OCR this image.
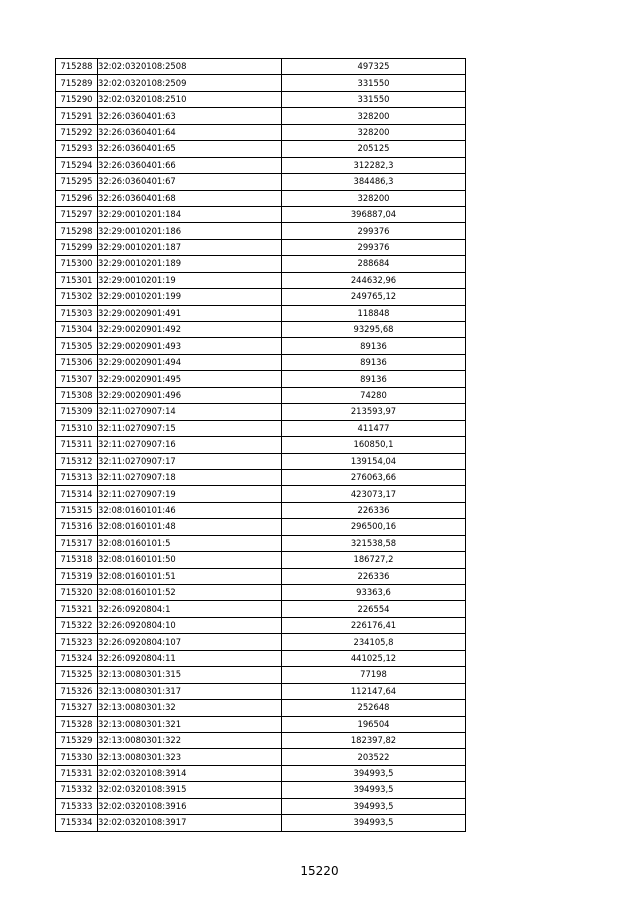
715288	32:02:0320108:2508	497325
715289	32:02:0320108:2509	331550
715290	32:02:0320108:2510	331550
715291	32:26:0360401:63	328200
715292	32:26:0360401:64	328200
715293	32:26:0360401:65	205125
715294	32:26:0360401:66	312282,3
715295	32:26:0360401:67	384486,3
715296	32:26:0360401:68	328200
715297	32:29:0010201:184	396887,04
715298	32:29:0010201:186	299376
715299	32:29:0010201:187	299376
715300	32:29:0010201:189	288684
715301	32:29:0010201:19	244632,96
715302	32:29:0010201:199	249765,12
715303	32:29:0020901:491	118848
715304	32:29:0020901:492	93295,68
715305	32:29:0020901:493	89136
715306	32:29:0020901:494	89136
715307	32:29:0020901:495	89136
715308	32:29:0020901:496	74280
715309	32:11:0270907:14	213593,97
715310	32:11:0270907:15	411477
715311	32:11:0270907:16	160850,1
715312	32:11:0270907:17	139154,04
715313	32:11:0270907:18	276063,66
715314	32:11:0270907:19	423073,17
715315	32:08:0160101:46	226336
715316	32:08:0160101:48	296500,16
715317	32:08:0160101:5	321538,58
715318	32:08:0160101:50	186727,2
715319	32:08:0160101:51	226336
715320	32:08:0160101:52	93363,6
715321	32:26:0920804:1	226554
715322	32:26:0920804:10	226176,41
715323	32:26:0920804:107	234105,8
715324	32:26:0920804:11	441025,12
715325	32:13:0080301:315	77198
715326	32:13:0080301:317	112147,64
715327	32:13:0080301:32	252648
715328	32:13:0080301:321	196504
715329	32:13:0080301:322	182397,82
715330	32:13:0080301:323	203522
715331	32:02:0320108:3914	394993,5
715332	32:02:0320108:3915	394993,5
715333	32:02:0320108:3916	394993,5
715334	32:02:0320108:3917	394993,5
15220
